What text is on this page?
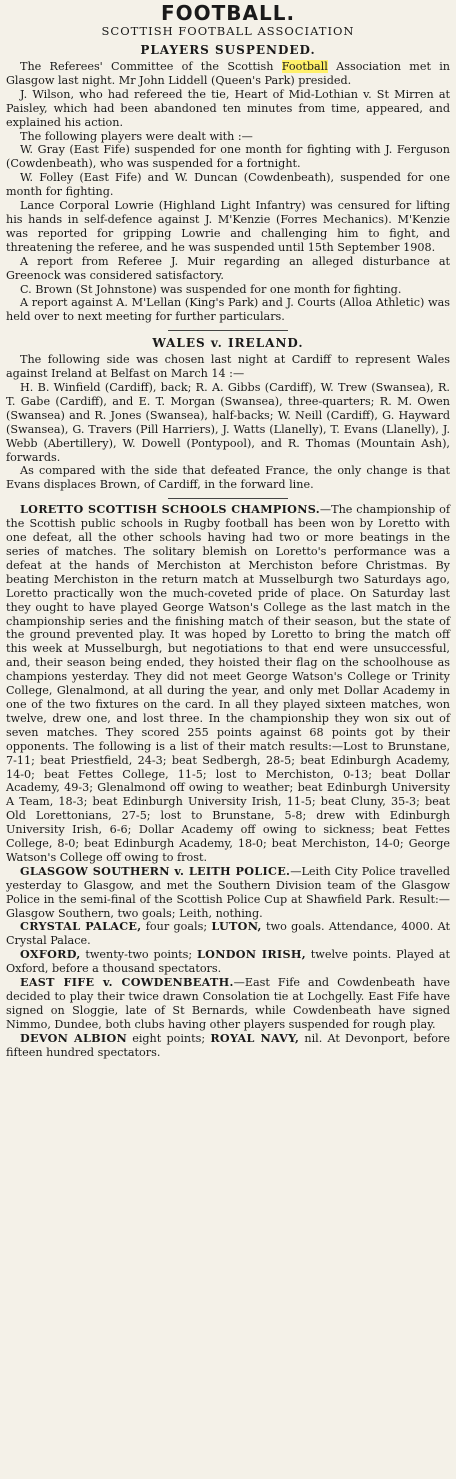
FOOTBALL.
SCOTTISH FOOTBALL ASSOCIATION
PLAYERS SUSPENDED.

The Referees' Committee of the Scottish Football Association met in Glasgow last night. Mr John Liddell (Queen's Park) presided.

J. Wilson, who had refereed the tie, Heart of Mid-Lothian v. St Mirren at Paisley, which had been abandoned ten minutes from time, appeared, and explained his action.

The following players were dealt with :—

W. Gray (East Fife) suspended for one month for fighting with J. Ferguson (Cowdenbeath), who was suspended for a fortnight.

W. Folley (East Fife) and W. Duncan (Cowdenbeath), suspended for one month for fighting.

Lance Corporal Lowrie (Highland Light Infantry) was censured for lifting his hands in self-defence against J. M'Kenzie (Forres Mechanics). M'Kenzie was reported for gripping Lowrie and challenging him to fight, and threatening the referee, and he was suspended until 15th September 1908.

A report from Referee J. Muir regarding an alleged disturbance at Greenock was considered satisfactory.

C. Brown (St Johnstone) was suspended for one month for fighting.

A report against A. M'Lellan (King's Park) and J. Courts (Alloa Athletic) was held over to next meeting for further particulars.

WALES v. IRELAND.

The following side was chosen last night at Cardiff to represent Wales against Ireland at Belfast on March 14 :—

H. B. Winfield (Cardiff), back; R. A. Gibbs (Cardiff), W. Trew (Swansea), R. T. Gabe (Cardiff), and E. T. Morgan (Swansea), three-quarters; R. M. Owen (Swansea) and R. Jones (Swansea), half-backs; W. Neill (Cardiff), G. Hayward (Swansea), G. Travers (Pill Harriers), J. Watts (Llanelly), T. Evans (Llanelly), J. Webb (Abertillery), W. Dowell (Pontypool), and R. Thomas (Mountain Ash), forwards.

As compared with the side that defeated France, the only change is that Evans displaces Brown, of Cardiff, in the forward line.

LORETTO SCOTTISH SCHOOLS CHAMPIONS.—The championship of the Scottish public schools in Rugby football has been won by Loretto with one defeat, all the other schools having had two or more beatings in the series of matches. The solitary blemish on Loretto's performance was a defeat at the hands of Merchiston at Merchiston before Christmas. By beating Merchiston in the return match at Musselburgh two Saturdays ago, Loretto practically won the much-coveted pride of place. On Saturday last they ought to have played George Watson's College as the last match in the championship series and the finishing match of their season, but the state of the ground prevented play. It was hoped by Loretto to bring the match off this week at Musselburgh, but negotiations to that end were unsuccessful, and, their season being ended, they hoisted their flag on the schoolhouse as champions yesterday. They did not meet George Watson's College or Trinity College, Glenalmond, at all during the year, and only met Dollar Academy in one of the two fixtures on the card. In all they played sixteen matches, won twelve, drew one, and lost three. In the championship they won six out of seven matches. They scored 255 points against 68 points got by their opponents. The following is a list of their match results:—Lost to Brunstane, 7-11; beat Priestfield, 24-3; beat Sedbergh, 28-5; beat Edinburgh Academy, 14-0; beat Fettes College, 11-5; lost to Merchiston, 0-13; beat Dollar Academy, 49-3; Glenalmond off owing to weather; beat Edinburgh University A Team, 18-3; beat Edinburgh University Irish, 11-5; beat Cluny, 35-3; beat Old Lorettonians, 27-5; lost to Brunstane, 5-8; drew with Edinburgh University Irish, 6-6; Dollar Academy off owing to sickness; beat Fettes College, 8-0; beat Edinburgh Academy, 18-0; beat Merchiston, 14-0; George Watson's College off owing to frost.

GLASGOW SOUTHERN v. LEITH POLICE.—Leith City Police travelled yesterday to Glasgow, and met the Southern Division team of the Glasgow Police in the semi-final of the Scottish Police Cup at Shawfield Park. Result:—Glasgow Southern, two goals; Leith, nothing.

CRYSTAL PALACE, four goals; LUTON, two goals. Attendance, 4000. At Crystal Palace.

OXFORD, twenty-two points; LONDON IRISH, twelve points. Played at Oxford, before a thousand spectators.

EAST FIFE v. COWDENBEATH.—East Fife and Cowdenbeath have decided to play their twice drawn Consolation tie at Lochgelly. East Fife have signed on Sloggie, late of St Bernards, while Cowdenbeath have signed Nimmo, Dundee, both clubs having other players suspended for rough play.

DEVON ALBION eight points; ROYAL NAVY, nil. At Devonport, before fifteen hundred spectators.
